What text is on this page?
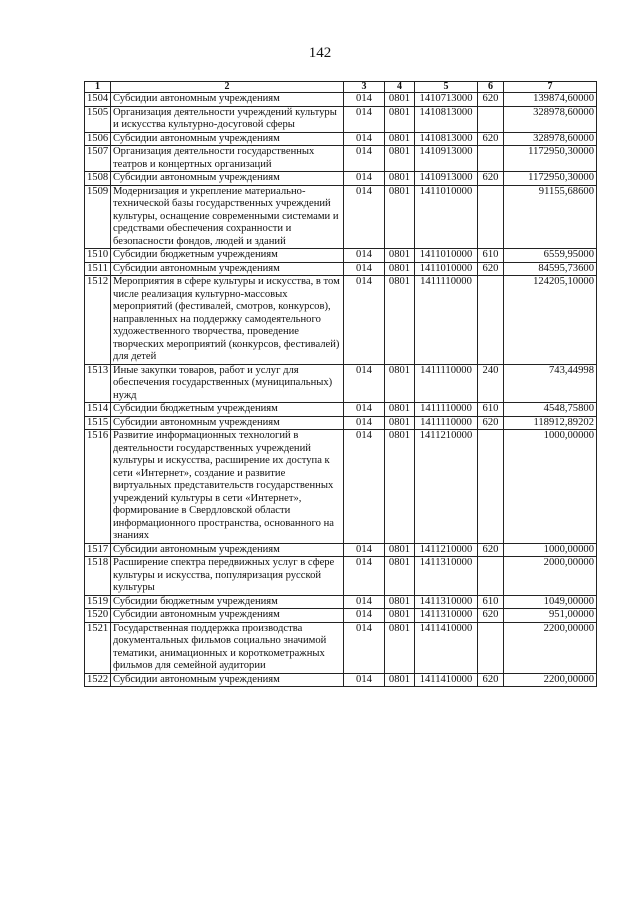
142
1	2	3	4	5	6	7
1504	Субсидии автономным учреждениям	014	0801	1410713000	620	139874,60000
1505	Организация деятельности учреждений культуры и искусства культурно-досуговой сферы	014	0801	1410813000		328978,60000
1506	Субсидии автономным учреждениям	014	0801	1410813000	620	328978,60000
1507	Организация деятельности государственных театров и концертных организаций	014	0801	1410913000		1172950,30000
1508	Субсидии автономным учреждениям	014	0801	1410913000	620	1172950,30000
1509	Модернизация и укрепление материально-технической базы государственных учреждений культуры, оснащение современными системами и средствами обеспечения сохранности и безопасности фондов, людей и зданий	014	0801	1411010000		91155,68600
1510	Субсидии бюджетным учреждениям	014	0801	1411010000	610	6559,95000
1511	Субсидии автономным учреждениям	014	0801	1411010000	620	84595,73600
1512	Мероприятия в сфере культуры и искусства, в том числе реализация культурно-массовых мероприятий (фестивалей, смотров, конкурсов), направленных на поддержку самодеятельного художественного творчества, проведение творческих мероприятий (конкурсов, фестивалей) для детей	014	0801	1411110000		124205,10000
1513	Иные закупки товаров, работ и услуг для обеспечения государственных (муниципальных) нужд	014	0801	1411110000	240	743,44998
1514	Субсидии бюджетным учреждениям	014	0801	1411110000	610	4548,75800
1515	Субсидии автономным учреждениям	014	0801	1411110000	620	118912,89202
1516	Развитие информационных технологий в деятельности государственных учреждений культуры и искусства, расширение их доступа к сети «Интернет», создание и развитие виртуальных представительств государственных учреждений культуры в сети «Интернет», формирование в Свердловской области информационного пространства, основанного на знаниях	014	0801	1411210000		1000,00000
1517	Субсидии автономным учреждениям	014	0801	1411210000	620	1000,00000
1518	Расширение спектра передвижных услуг в сфере культуры и искусства, популяризация русской культуры	014	0801	1411310000		2000,00000
1519	Субсидии бюджетным учреждениям	014	0801	1411310000	610	1049,00000
1520	Субсидии автономным учреждениям	014	0801	1411310000	620	951,00000
1521	Государственная поддержка производства документальных фильмов социально значимой тематики, анимационных и короткометражных фильмов для семейной аудитории	014	0801	1411410000		2200,00000
1522	Субсидии автономным учреждениям	014	0801	1411410000	620	2200,00000
